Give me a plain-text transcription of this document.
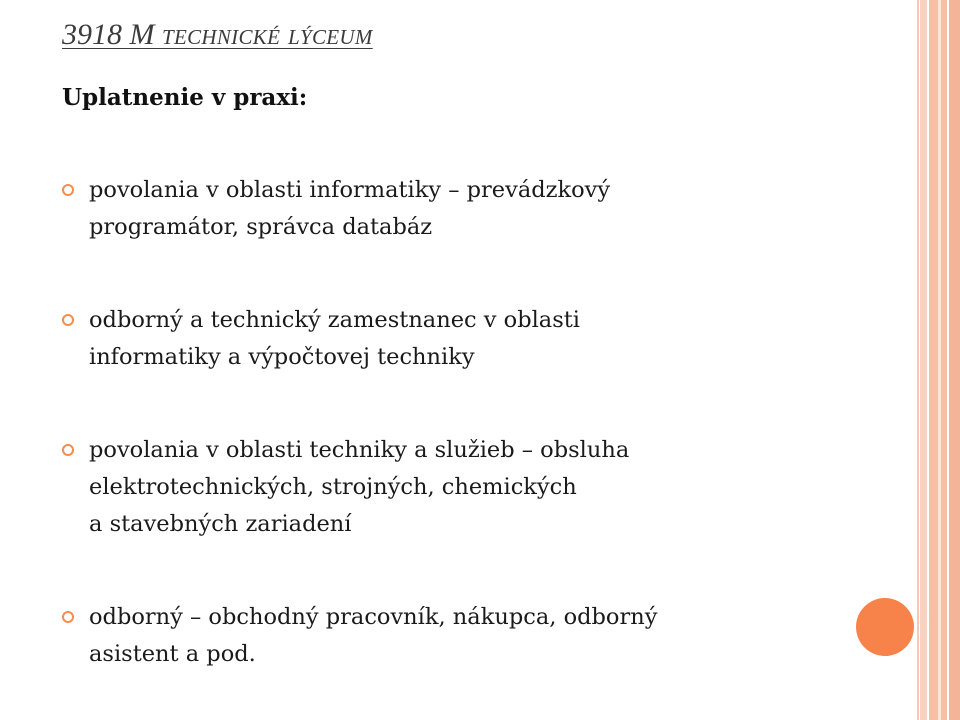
3918 M technické lýceum
Uplatnenie v praxi:
povolania v oblasti informatiky – prevádzkový
programátor, správca databáz
odborný a technický zamestnanec v oblasti
informatiky a výpočtovej techniky
povolania v oblasti techniky a služieb – obsluha
elektrotechnických, strojných, chemických
a stavebných zariadení
odborný – obchodný pracovník, nákupca, odborný
asistent a pod.
